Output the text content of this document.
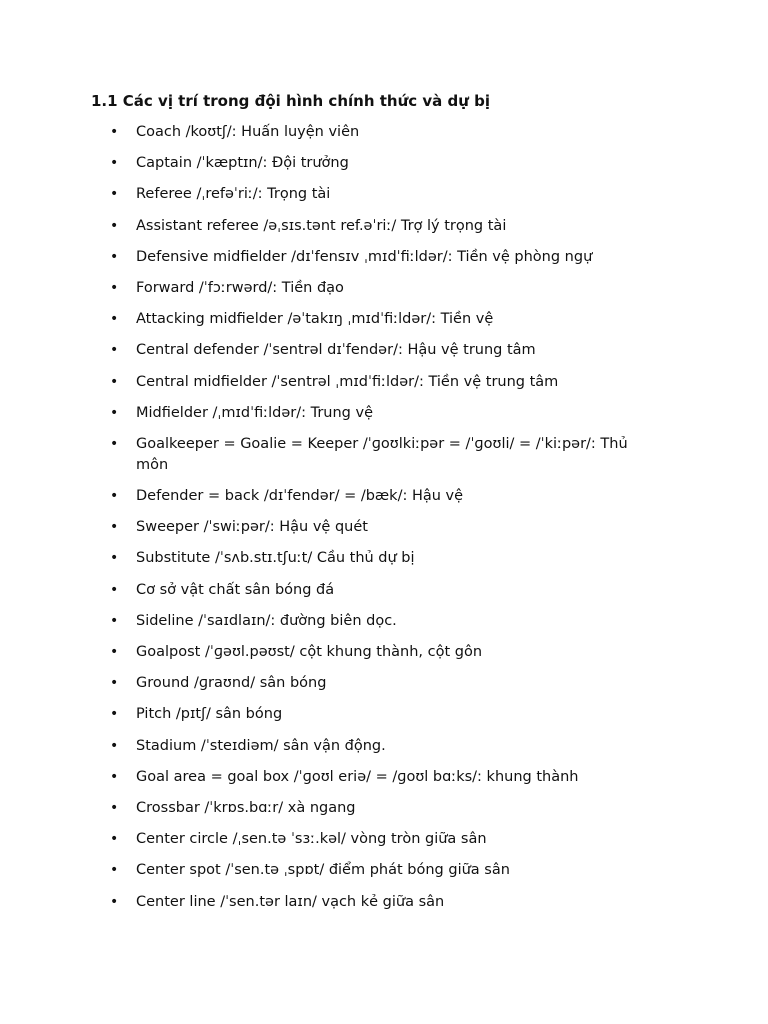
1.1 Các vị trí trong đội hình chính thức và dự bị
• Coach /koʊtʃ/: Huấn luyện viên
• Captain /ˈkæptɪn/: Đội trưởng
• Referee /ˌrefəˈriː/: Trọng tài
• Assistant referee /əˌsɪs.tənt ref.əˈriː/ Trợ lý trọng tài
• Defensive midfielder /dɪˈfensɪv ˌmɪdˈfiːldər/: Tiền vệ phòng ngự
• Forward /ˈfɔːrwərd/: Tiền đạo
• Attacking midfielder /əˈtakɪŋ ˌmɪdˈfiːldər/: Tiền vệ
• Central defender /ˈsentrəl dɪˈfendər/: Hậu vệ trung tâm
• Central midfielder /ˈsentrəl ˌmɪdˈfiːldər/: Tiền vệ trung tâm
• Midfielder /ˌmɪdˈfiːldər/: Trung vệ
• Goalkeeper = Goalie = Keeper /ˈɡoʊlkiːpər = /ˈɡoʊli/ = /ˈkiːpər/: Thủ môn
• Defender = back /dɪˈfendər/ = /bæk/: Hậu vệ
• Sweeper /ˈswiːpər/: Hậu vệ quét
• Substitute /ˈsʌb.stɪ.tʃuːt/ Cầu thủ dự bị
• Cơ sở vật chất sân bóng đá
• Sideline /ˈsaɪdlaɪn/: đường biên dọc.
• Goalpost /ˈɡəʊl.pəʊst/ cột khung thành, cột gôn
• Ground /ɡraʊnd/ sân bóng
• Pitch /pɪtʃ/ sân bóng
• Stadium /ˈsteɪdiəm/ sân vận động.
• Goal area = goal box /ˈɡoʊl eriə/ = /ɡoʊl bɑːks/: khung thành
• Crossbar /ˈkrɒs.bɑːr/ xà ngang
• Center circle /ˌsen.tə ˈsɜː.kəl/ vòng tròn giữa sân
• Center spot /ˈsen.tə ˌspɒt/ điểm phát bóng giữa sân
• Center line /ˈsen.tər laɪn/ vạch kẻ giữa sân
